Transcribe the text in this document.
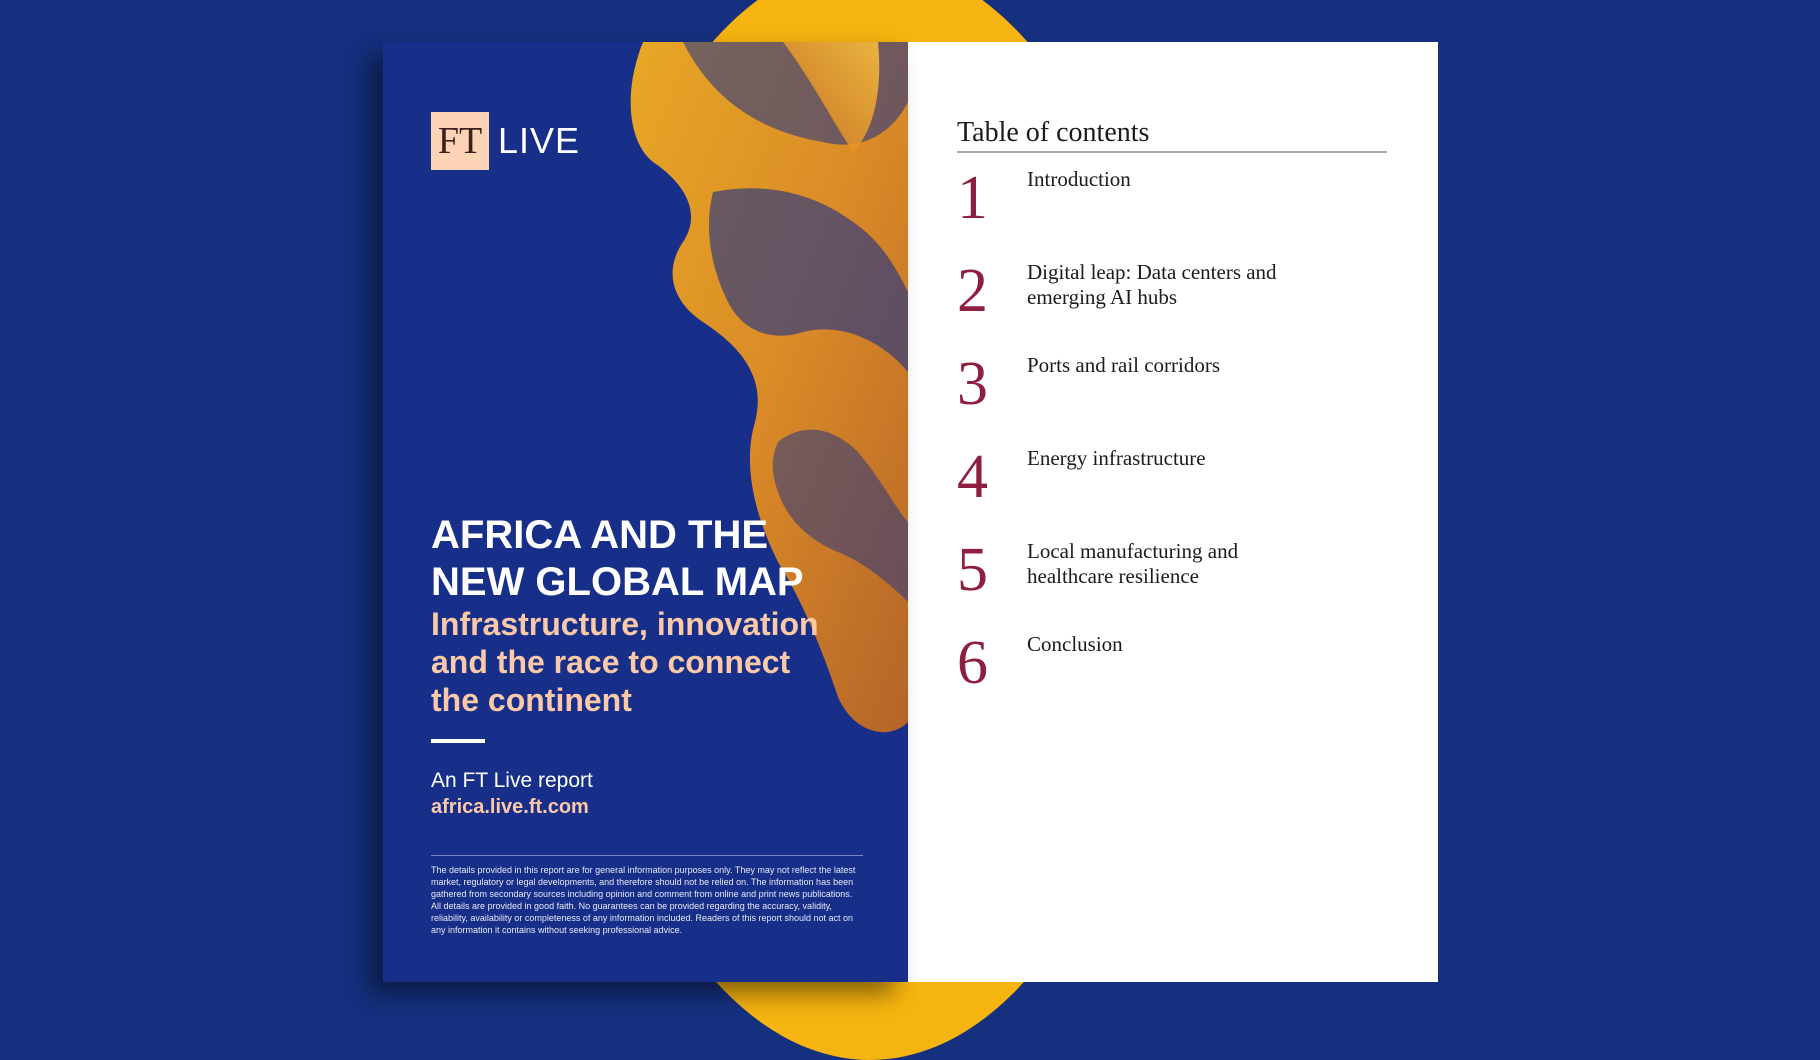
FT LIVE
AFRICA AND THE
NEW GLOBAL MAP
Infrastructure, innovation
and the race to connect
the continent
An FT Live report
africa.live.ft.com

The details provided in this report are for general information purposes only. They may not reflect the latest market, regulatory or legal developments, and therefore should not be relied on. The information has been gathered from secondary sources including opinion and comment from online and print news publications. All details are provided in good faith. No guarantees can be provided regarding the accuracy, validity, reliability, availability or completeness of any information included. Readers of this report should not act on any information it contains without seeking professional advice.

Table of contents
1 Introduction
2 Digital leap: Data centers and
emerging AI hubs
3 Ports and rail corridors
4 Energy infrastructure
5 Local manufacturing and
healthcare resilience
6 Conclusion
